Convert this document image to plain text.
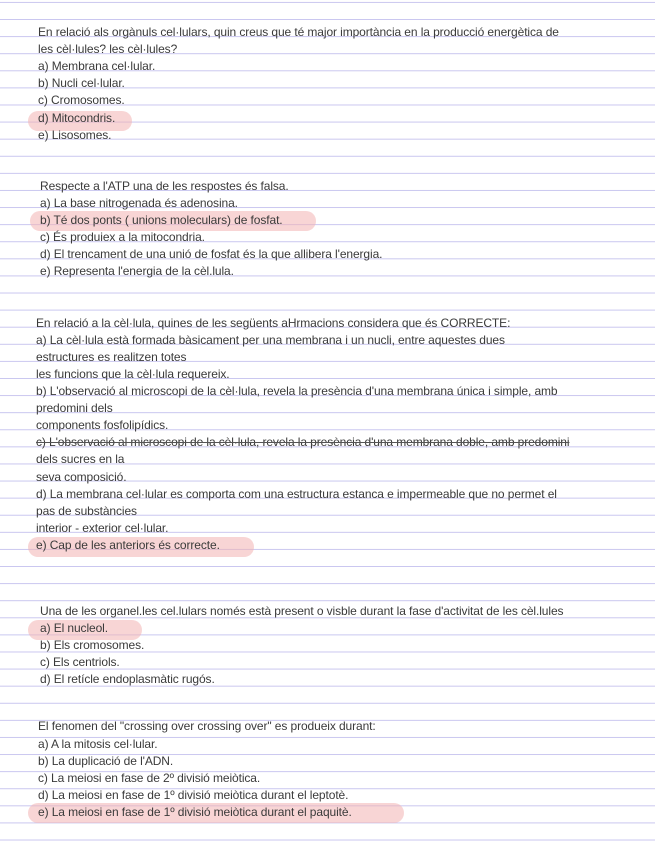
En relació als orgànuls cel·lulars, quin creus que té major importància en la producció energètica de
les cèl·lules? les cèl·lules?
a) Membrana cel·lular.
b) Nucli cel·lular.
c) Cromosomes.
d) Mitocondris.
e) Lisosomes.
Respecte a l'ATP una de les respostes és falsa.
a) La base nitrogenada és adenosina.
b) Té dos ponts ( unions moleculars) de fosfat.
c) És produiex a la mitocondria.
d) El trencament de una unió de fosfat és la que allibera l'energia.
e) Representa l'energia de la cèl.lula.
En relació a la cèl·lula, quines de les següents aHrmacions considera que és CORRECTE:
a) La cèl·lula està formada bàsicament per una membrana i un nucli, entre aquestes dues
estructures es realitzen totes
les funcions que la cèl·lula requereix.
b) L'observació al microscopi de la cèl·lula, revela la presència d'una membrana única i simple, amb
predomini dels
components fosfolipídics.
c) L'observació al microscopi de la cèl·lula, revela la presència d'una membrana doble, amb predomini
dels sucres en la
seva composició.
d) La membrana cel·lular es comporta com una estructura estanca e impermeable que no permet el
pas de substàncies
interior - exterior cel·lular.
e) Cap de les anteriors és correcte.
Una de les organel.les cel.lulars només està present o visble durant la fase d'activitat de les cèl.lules
a) El nucleol.
b) Els cromosomes.
c) Els centriols.
d) El retícle endoplasmàtic rugós.
El fenomen del "crossing over crossing over" es produeix durant:
a) A la mitosis cel·lular.
b) La duplicació de l'ADN.
c) La meiosi en fase de 2º divisió meiòtica.
d) La meiosi en fase de 1º divisió meiòtica durant el leptotè.
e) La meiosi en fase de 1º divisió meiòtica durant el paquitè.
